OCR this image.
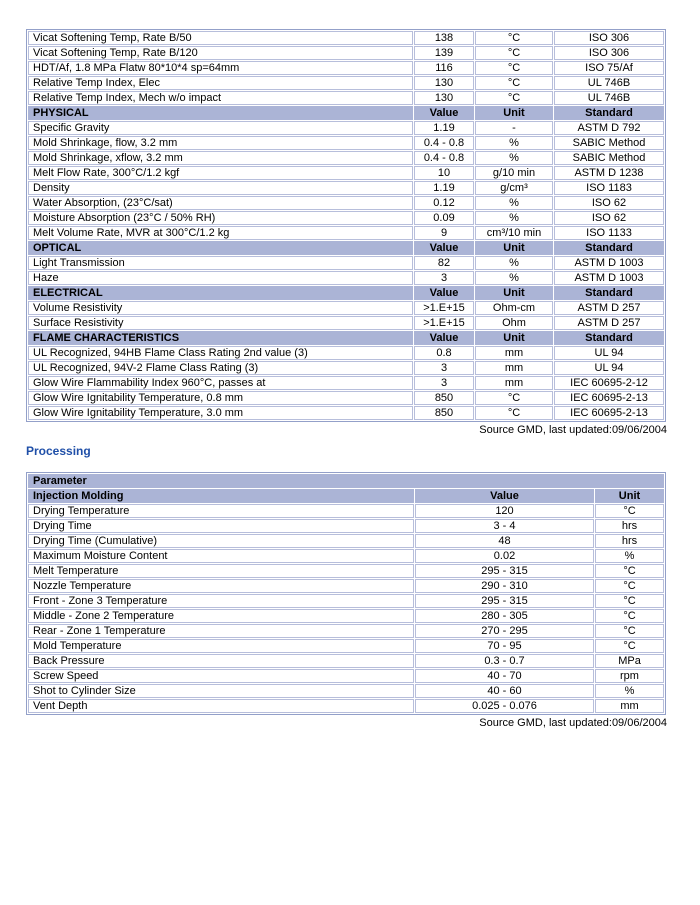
Vicat Softening Temp, Rate B/50	138	°C	ISO 306
Vicat Softening Temp, Rate B/120	139	°C	ISO 306
HDT/Af, 1.8 MPa Flatw 80*10*4 sp=64mm	116	°C	ISO 75/Af
Relative Temp Index, Elec	130	°C	UL 746B
Relative Temp Index, Mech w/o impact	130	°C	UL 746B
PHYSICAL	Value	Unit	Standard
Specific Gravity	1.19	-	ASTM D 792
Mold Shrinkage, flow, 3.2 mm	0.4 - 0.8	%	SABIC Method
Mold Shrinkage, xflow, 3.2 mm	0.4 - 0.8	%	SABIC Method
Melt Flow Rate, 300°C/1.2 kgf	10	g/10 min	ASTM D 1238
Density	1.19	g/cm³	ISO 1183
Water Absorption, (23°C/sat)	0.12	%	ISO 62
Moisture Absorption (23°C / 50% RH)	0.09	%	ISO 62
Melt Volume Rate, MVR at 300°C/1.2 kg	9	cm³/10 min	ISO 1133
OPTICAL	Value	Unit	Standard
Light Transmission	82	%	ASTM D 1003
Haze	3	%	ASTM D 1003
ELECTRICAL	Value	Unit	Standard
Volume Resistivity	>1.E+15	Ohm-cm	ASTM D 257
Surface Resistivity	>1.E+15	Ohm	ASTM D 257
FLAME CHARACTERISTICS	Value	Unit	Standard
UL Recognized, 94HB Flame Class Rating 2nd value (3)	0.8	mm	UL 94
UL Recognized, 94V-2 Flame Class Rating (3)	3	mm	UL 94
Glow Wire Flammability Index 960°C, passes at	3	mm	IEC 60695-2-12
Glow Wire Ignitability Temperature, 0.8 mm	850	°C	IEC 60695-2-13
Glow Wire Ignitability Temperature, 3.0 mm	850	°C	IEC 60695-2-13
Source GMD, last updated:09/06/2004
Processing
Parameter		
Injection Molding	Value	Unit
Drying Temperature	120	°C
Drying Time	3 - 4	hrs
Drying Time (Cumulative)	48	hrs
Maximum Moisture Content	0.02	%
Melt Temperature	295 - 315	°C
Nozzle Temperature	290 - 310	°C
Front - Zone 3 Temperature	295 - 315	°C
Middle - Zone 2 Temperature	280 - 305	°C
Rear - Zone 1 Temperature	270 - 295	°C
Mold Temperature	70 - 95	°C
Back Pressure	0.3 - 0.7	MPa
Screw Speed	40 - 70	rpm
Shot to Cylinder Size	40 - 60	%
Vent Depth	0.025 - 0.076	mm
Source GMD, last updated:09/06/2004
